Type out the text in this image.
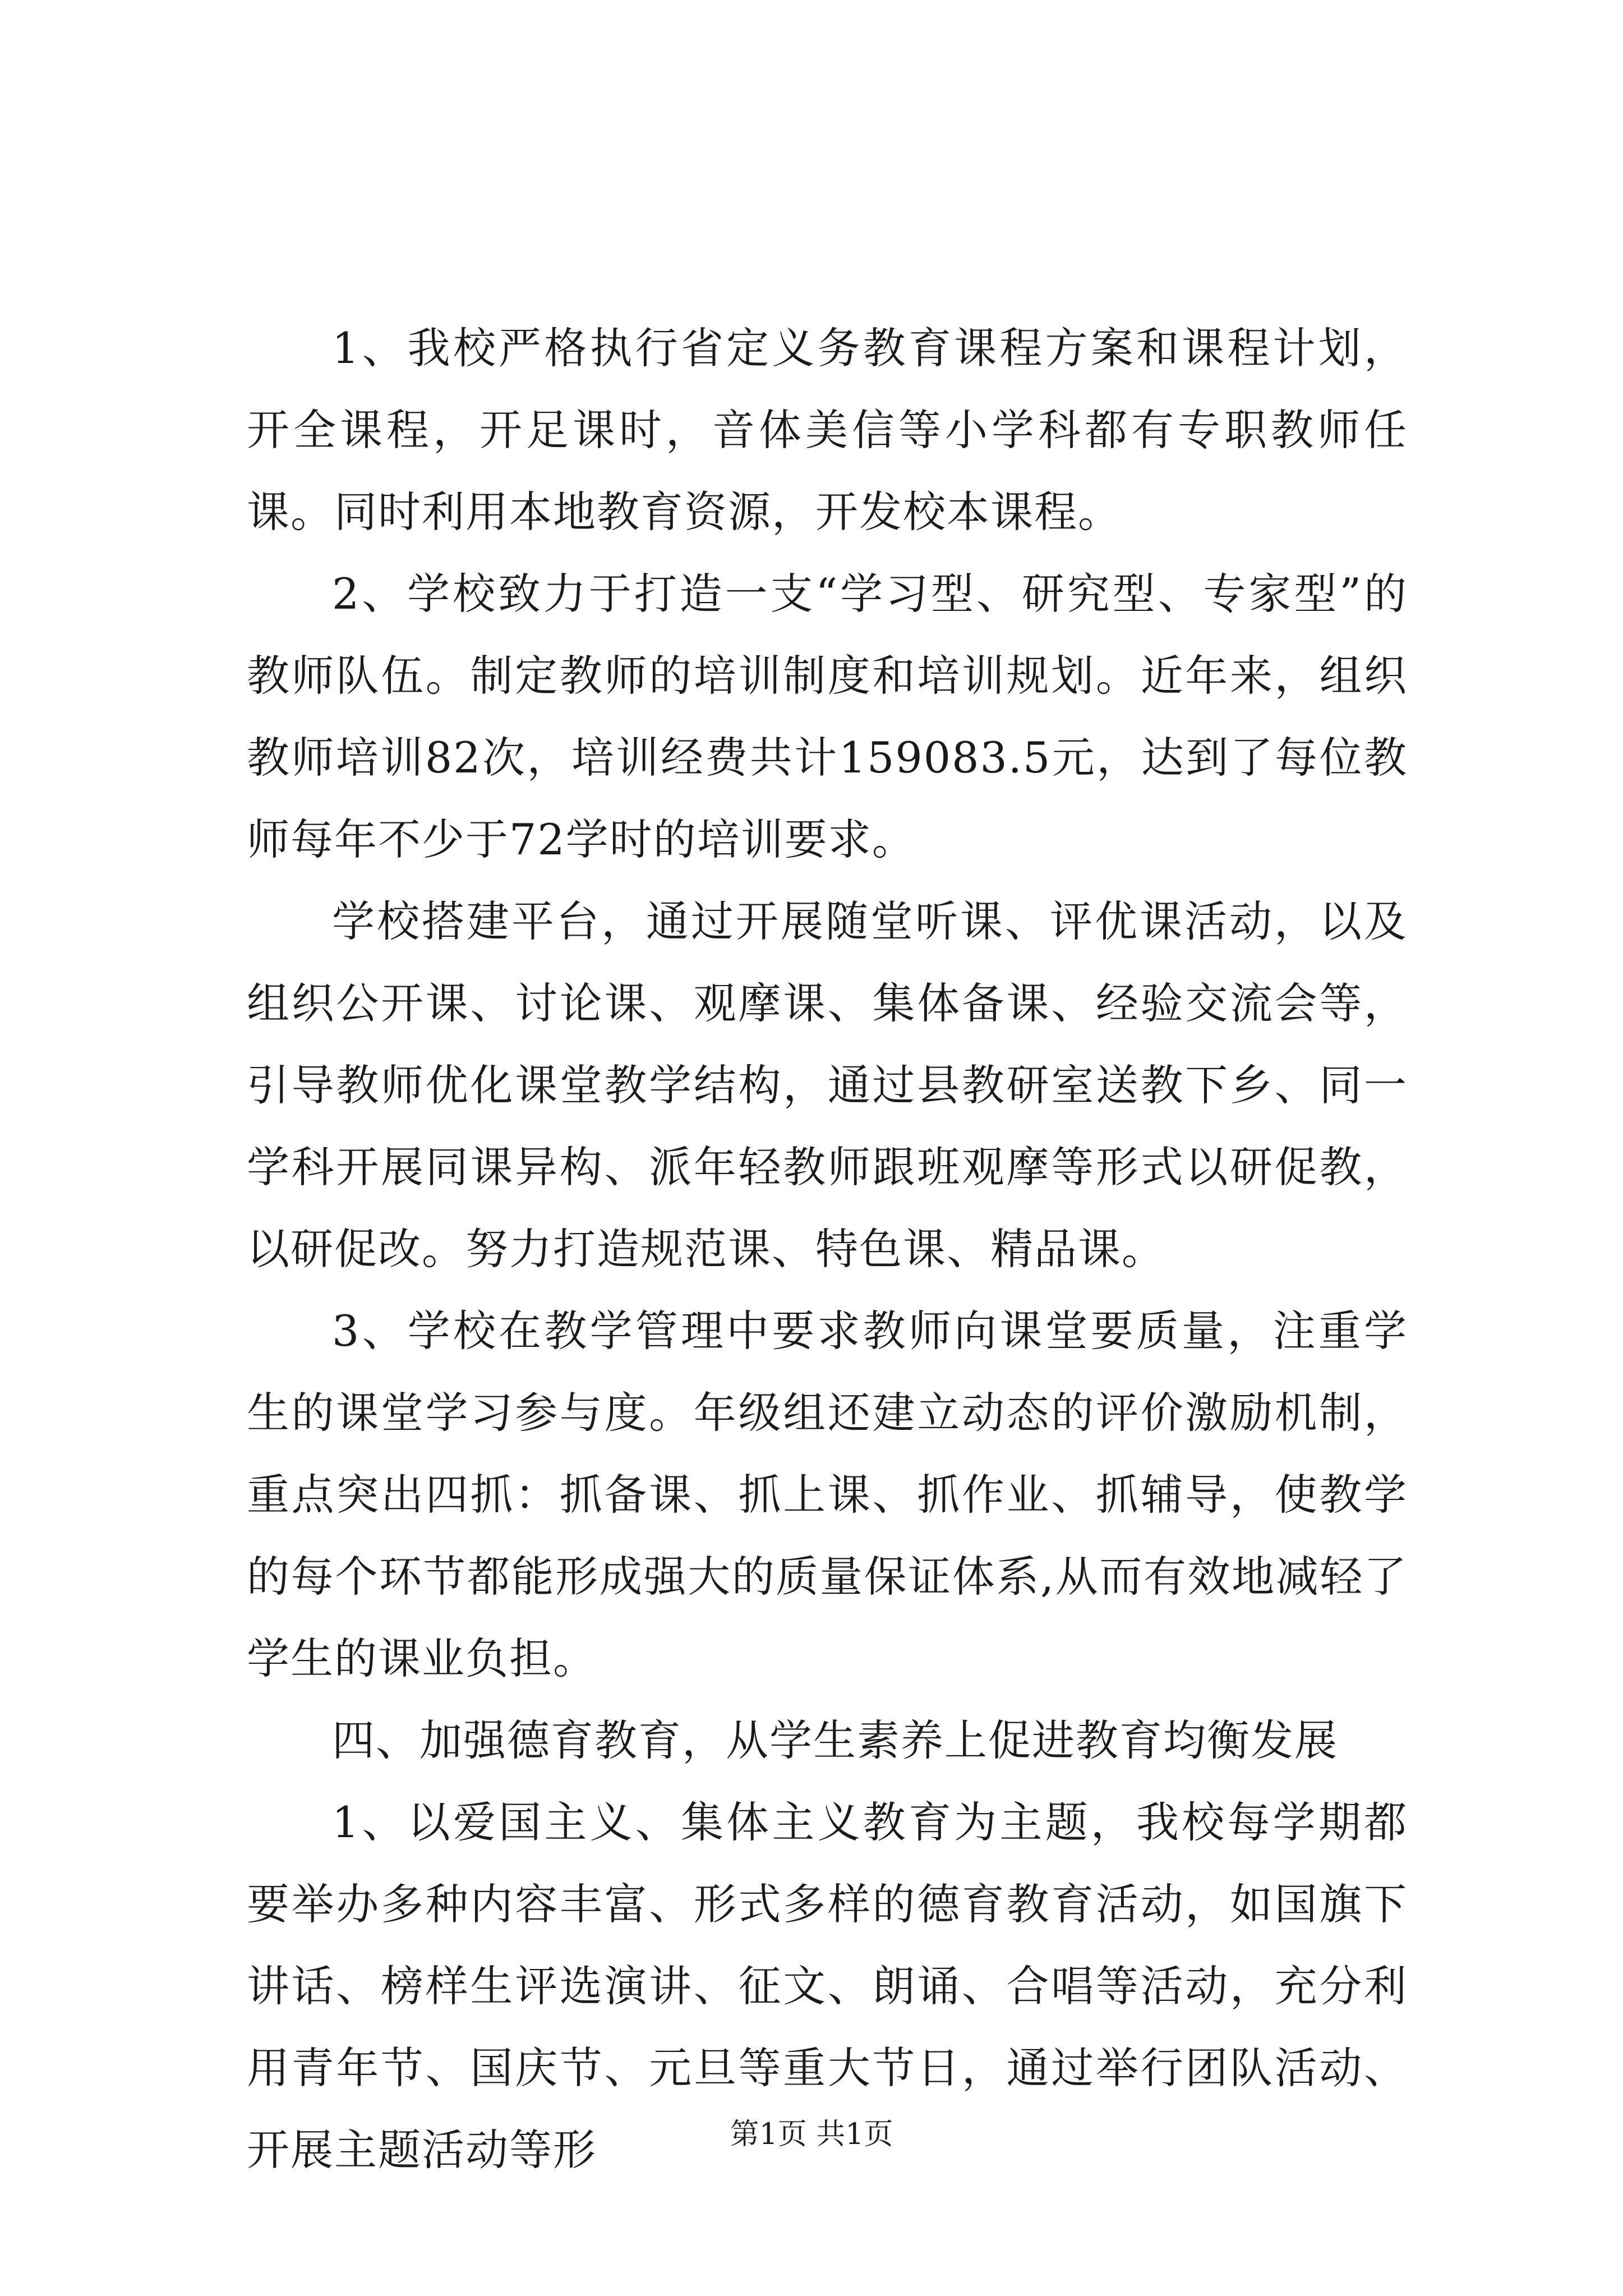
1、我校严格执行省定义务教育课程方案和课程计划，开全课程，开足课时，音体美信等小学科都有专职教师任课。同时利用本地教育资源，开发校本课程。

2、学校致力于打造一支“学习型、研究型、专家型”的教师队伍。制定教师的培训制度和培训规划。近年来，组织教师培训82次，培训经费共计159083.5元，达到了每位教师每年不少于72学时的培训要求。

学校搭建平台，通过开展随堂听课、评优课活动，以及组织公开课、讨论课、观摩课、集体备课、经验交流会等，引导教师优化课堂教学结构，通过县教研室送教下乡、同一学科开展同课异构、派年轻教师跟班观摩等形式以研促教，以研促改。努力打造规范课、特色课、精品课。

3、学校在教学管理中要求教师向课堂要质量，注重学生的课堂学习参与度。年级组还建立动态的评价激励机制，重点突出四抓：抓备课、抓上课、抓作业、抓辅导，使教学的每个环节都能形成强大的质量保证体系,从而有效地减轻了学生的课业负担。

四、加强德育教育，从学生素养上促进教育均衡发展

1、以爱国主义、集体主义教育为主题，我校每学期都要举办多种内容丰富、形式多样的德育教育活动，如国旗下讲话、榜样生评选演讲、征文、朗诵、合唱等活动，充分利用青年节、国庆节、元旦等重大节日，通过举行团队活动、开展主题活动等形	第1页 共1页
